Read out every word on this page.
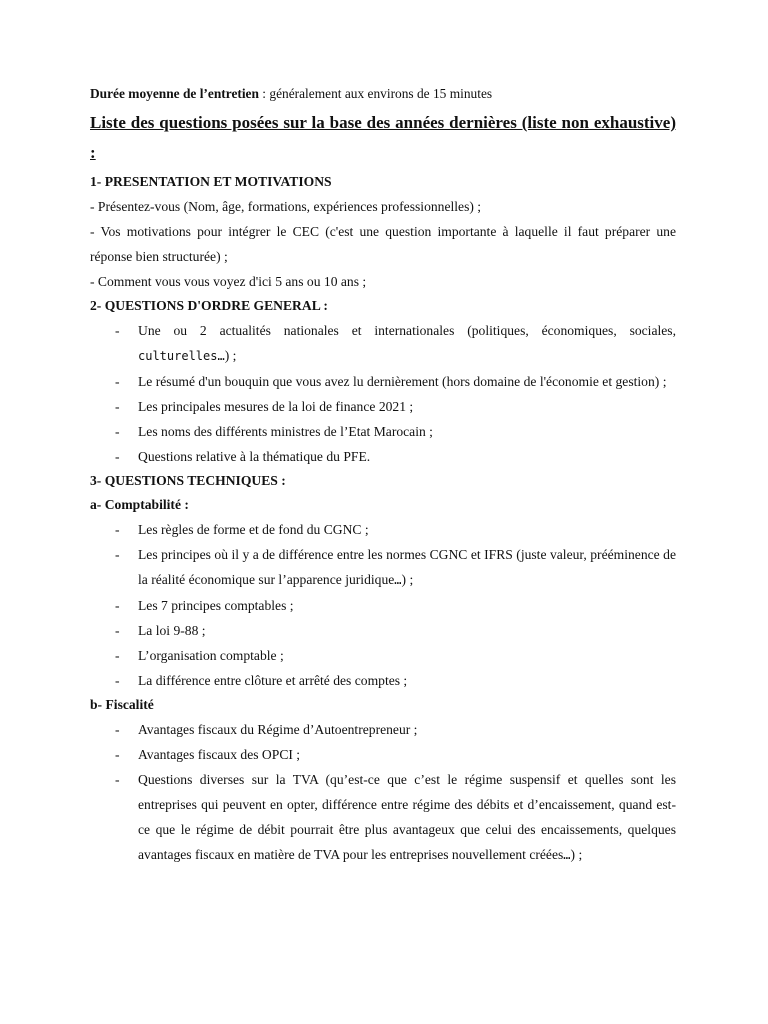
Durée moyenne de l’entretien : généralement aux environs de 15 minutes

Liste des questions posées sur la base des années dernières (liste non exhaustive) :

1- PRESENTATION ET MOTIVATIONS

- Présentez-vous (Nom, âge, formations, expériences professionnelles) ;

- Vos motivations pour intégrer le CEC (c'est une question importante à laquelle il faut préparer une réponse bien structurée) ;

- Comment vous vous voyez d'ici 5 ans ou 10 ans ;

2- QUESTIONS D'ORDRE GENERAL :

- Une ou 2 actualités nationales et internationales (politiques, économiques, sociales, culturelles…) ;
- Le résumé d'un bouquin que vous avez lu dernièrement (hors domaine de l'économie et gestion) ;
- Les principales mesures de la loi de finance 2021 ;
- Les noms des différents ministres de l’Etat Marocain ;
- Questions relative à la thématique du PFE.

3- QUESTIONS TECHNIQUES :

a- Comptabilité :

- Les règles de forme et de fond du CGNC ;
- Les principes où il y a de différence entre les normes CGNC et IFRS (juste valeur, prééminence de la réalité économique sur l’apparence juridique…) ;
- Les 7 principes comptables ;
- La loi 9-88 ;
- L’organisation comptable ;
- La différence entre clôture et arrêté des comptes ;

b- Fiscalité

- Avantages fiscaux du Régime d’Autoentrepreneur ;
- Avantages fiscaux des OPCI ;
- Questions diverses sur la TVA (qu’est-ce que c’est le régime suspensif et quelles sont les entreprises qui peuvent en opter, différence entre régime des débits et d’encaissement, quand est-ce que le régime de débit pourrait être plus avantageux que celui des encaissements, quelques avantages fiscaux en matière de TVA pour les entreprises nouvellement créées…) ;
